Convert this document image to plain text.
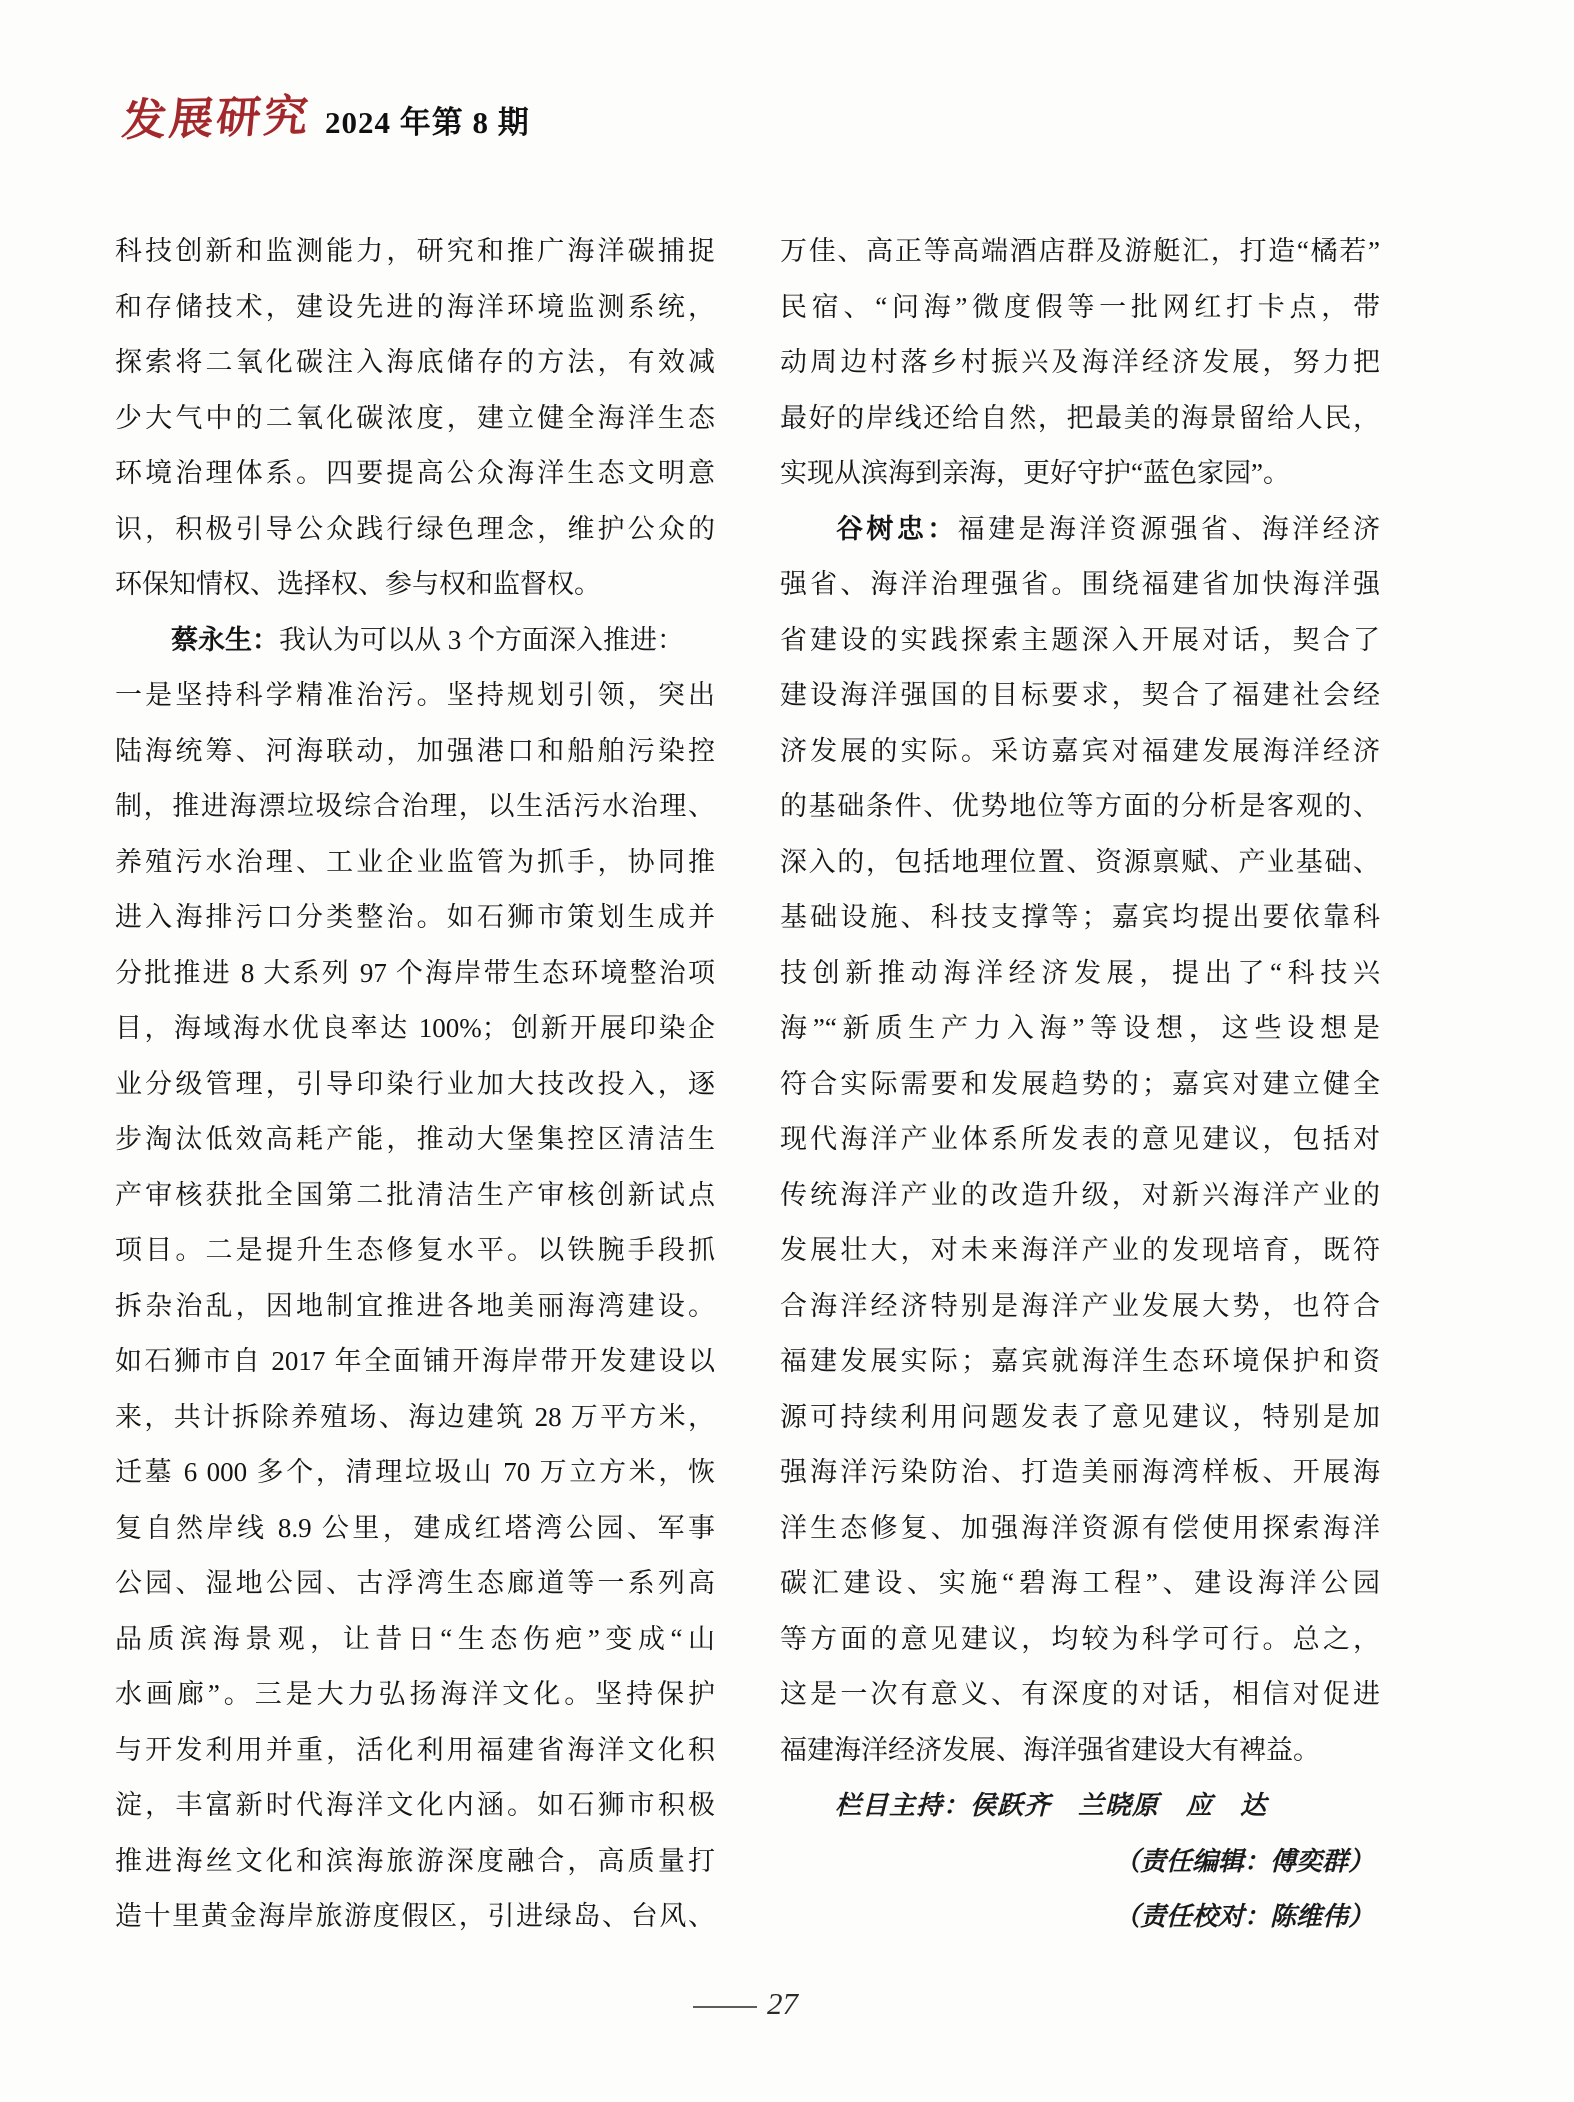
发展研究 2024 年第 8 期
科技创新和监测能力，研究和推广海洋碳捕捉
和存储技术，建设先进的海洋环境监测系统，
探索将二氧化碳注入海底储存的方法，有效减
少大气中的二氧化碳浓度，建立健全海洋生态
环境治理体系。四要提高公众海洋生态文明意
识，积极引导公众践行绿色理念，维护公众的
环保知情权、选择权、参与权和监督权。
蔡永生：我认为可以从 3 个方面深入推进：
一是坚持科学精准治污。坚持规划引领，突出
陆海统筹、河海联动，加强港口和船舶污染控
制，推进海漂垃圾综合治理，以生活污水治理、
养殖污水治理、工业企业监管为抓手，协同推
进入海排污口分类整治。如石狮市策划生成并
分批推进 8 大系列 97 个海岸带生态环境整治项
目，海域海水优良率达 100%；创新开展印染企
业分级管理，引导印染行业加大技改投入，逐
步淘汰低效高耗产能，推动大堡集控区清洁生
产审核获批全国第二批清洁生产审核创新试点
项目。二是提升生态修复水平。以铁腕手段抓
拆杂治乱，因地制宜推进各地美丽海湾建设。
如石狮市自 2017 年全面铺开海岸带开发建设以
来，共计拆除养殖场、海边建筑 28 万平方米，
迁墓 6 000 多个，清理垃圾山 70 万立方米，恢
复自然岸线 8.9 公里，建成红塔湾公园、军事
公园、湿地公园、古浮湾生态廊道等一系列高
品质滨海景观，让昔日“生态伤疤”变成“山
水画廊”。三是大力弘扬海洋文化。坚持保护
与开发利用并重，活化利用福建省海洋文化积
淀，丰富新时代海洋文化内涵。如石狮市积极
推进海丝文化和滨海旅游深度融合，高质量打
造十里黄金海岸旅游度假区，引进绿岛、台风、
万佳、高正等高端酒店群及游艇汇，打造“橘若”
民宿、“问海”微度假等一批网红打卡点，带
动周边村落乡村振兴及海洋经济发展，努力把
最好的岸线还给自然，把最美的海景留给人民，
实现从滨海到亲海，更好守护“蓝色家园”。
谷树忠：福建是海洋资源强省、海洋经济
强省、海洋治理强省。围绕福建省加快海洋强
省建设的实践探索主题深入开展对话，契合了
建设海洋强国的目标要求，契合了福建社会经
济发展的实际。采访嘉宾对福建发展海洋经济
的基础条件、优势地位等方面的分析是客观的、
深入的，包括地理位置、资源禀赋、产业基础、
基础设施、科技支撑等；嘉宾均提出要依靠科
技创新推动海洋经济发展，提出了“科技兴
海”“新质生产力入海”等设想，这些设想是
符合实际需要和发展趋势的；嘉宾对建立健全
现代海洋产业体系所发表的意见建议，包括对
传统海洋产业的改造升级，对新兴海洋产业的
发展壮大，对未来海洋产业的发现培育，既符
合海洋经济特别是海洋产业发展大势，也符合
福建发展实际；嘉宾就海洋生态环境保护和资
源可持续利用问题发表了意见建议，特别是加
强海洋污染防治、打造美丽海湾样板、开展海
洋生态修复、加强海洋资源有偿使用探索海洋
碳汇建设、实施“碧海工程”、建设海洋公园
等方面的意见建议，均较为科学可行。总之，
这是一次有意义、有深度的对话，相信对促进
福建海洋经济发展、海洋强省建设大有裨益。
栏目主持：侯跃齐　兰晓原　应　达
（责任编辑：傅奕群）
（责任校对：陈维伟）
27
